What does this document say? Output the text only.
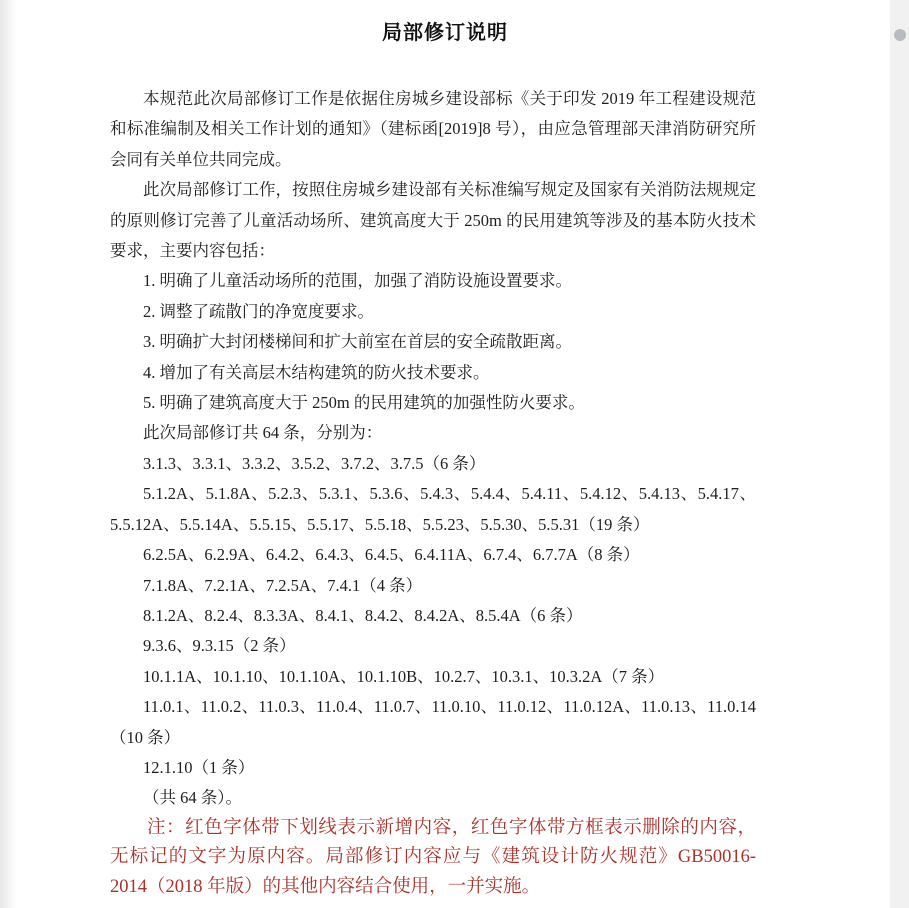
局部修订说明

本规范此次局部修订工作是依据住房城乡建设部标《关于印发 2019 年工程建设规范和标准编制及相关工作计划的通知》（建标函[2019]8 号），由应急管理部天津消防研究所会同有关单位共同完成。

此次局部修订工作，按照住房城乡建设部有关标准编写规定及国家有关消防法规规定的原则修订完善了儿童活动场所、建筑高度大于 250m 的民用建筑等涉及的基本防火技术要求，主要内容包括：

1. 明确了儿童活动场所的范围，加强了消防设施设置要求。

2. 调整了疏散门的净宽度要求。

3. 明确扩大封闭楼梯间和扩大前室在首层的安全疏散距离。

4. 增加了有关高层木结构建筑的防火技术要求。

5. 明确了建筑高度大于 250m 的民用建筑的加强性防火要求。

此次局部修订共 64 条，分别为：

3.1.3、3.3.1、3.3.2、3.5.2、3.7.2、3.7.5（6 条）

5.1.2A、5.1.8A、5.2.3、5.3.1、5.3.6、5.4.3、5.4.4、5.4.11、5.4.12、5.4.13、5.4.17、5.5.12A、5.5.14A、5.5.15、5.5.17、5.5.18、5.5.23、5.5.30、5.5.31（19 条）

6.2.5A、6.2.9A、6.4.2、6.4.3、6.4.5、6.4.11A、6.7.4、6.7.7A（8 条）

7.1.8A、7.2.1A、7.2.5A、7.4.1（4 条）

8.1.2A、8.2.4、8.3.3A、8.4.1、8.4.2、8.4.2A、8.5.4A（6 条）

9.3.6、9.3.15（2 条）

10.1.1A、10.1.10、10.1.10A、10.1.10B、10.2.7、10.3.1、10.3.2A（7 条）

11.0.1、11.0.2、11.0.3、11.0.4、11.0.7、11.0.10、11.0.12、11.0.12A、11.0.13、11.0.14（10 条）

12.1.10（1 条）

（共 64 条）。

注：红色字体带下划线表示新增内容，红色字体带方框表示删除的内容，无标记的文字为原内容。局部修订内容应与《建筑设计防火规范》GB50016-2014（2018 年版）的其他内容结合使用，一并实施。
